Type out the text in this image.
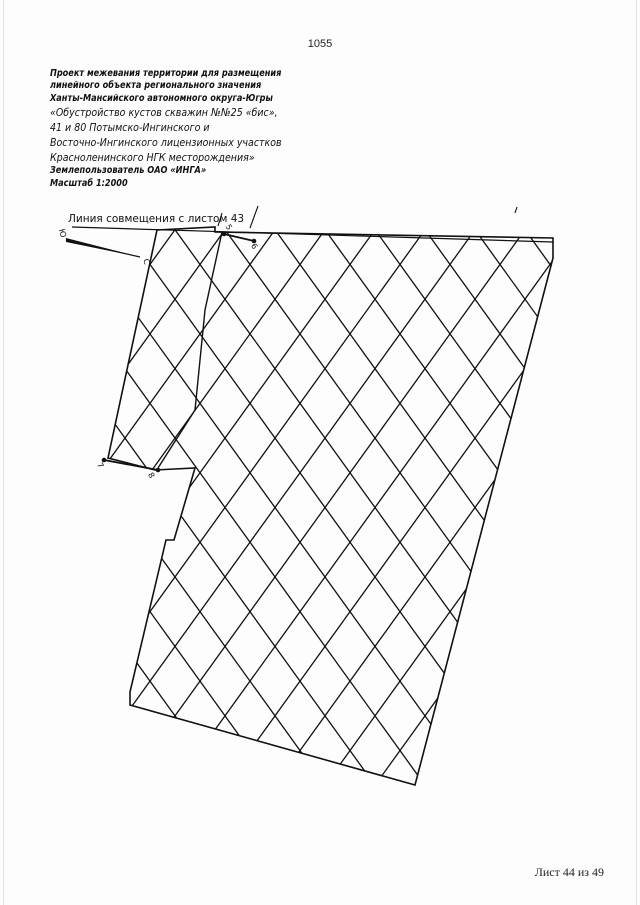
1055
Проект межевания территории для размещения
линейного объекта регионального значения
Ханты-Мансийского автономного округа-Югры
«Обустройство кустов скважин №№25 «бис»,
41 и 80 Потымско-Ингинского и
Восточно-Ингинского лицензионных участков
Красноленинского НГК месторождения»
Землепользователь ОАО «ИНГА»
Масштаб 1:2000
Линия совмещения с листом 43
Ю
С
5
6
7
8
Лист 44 из 49
